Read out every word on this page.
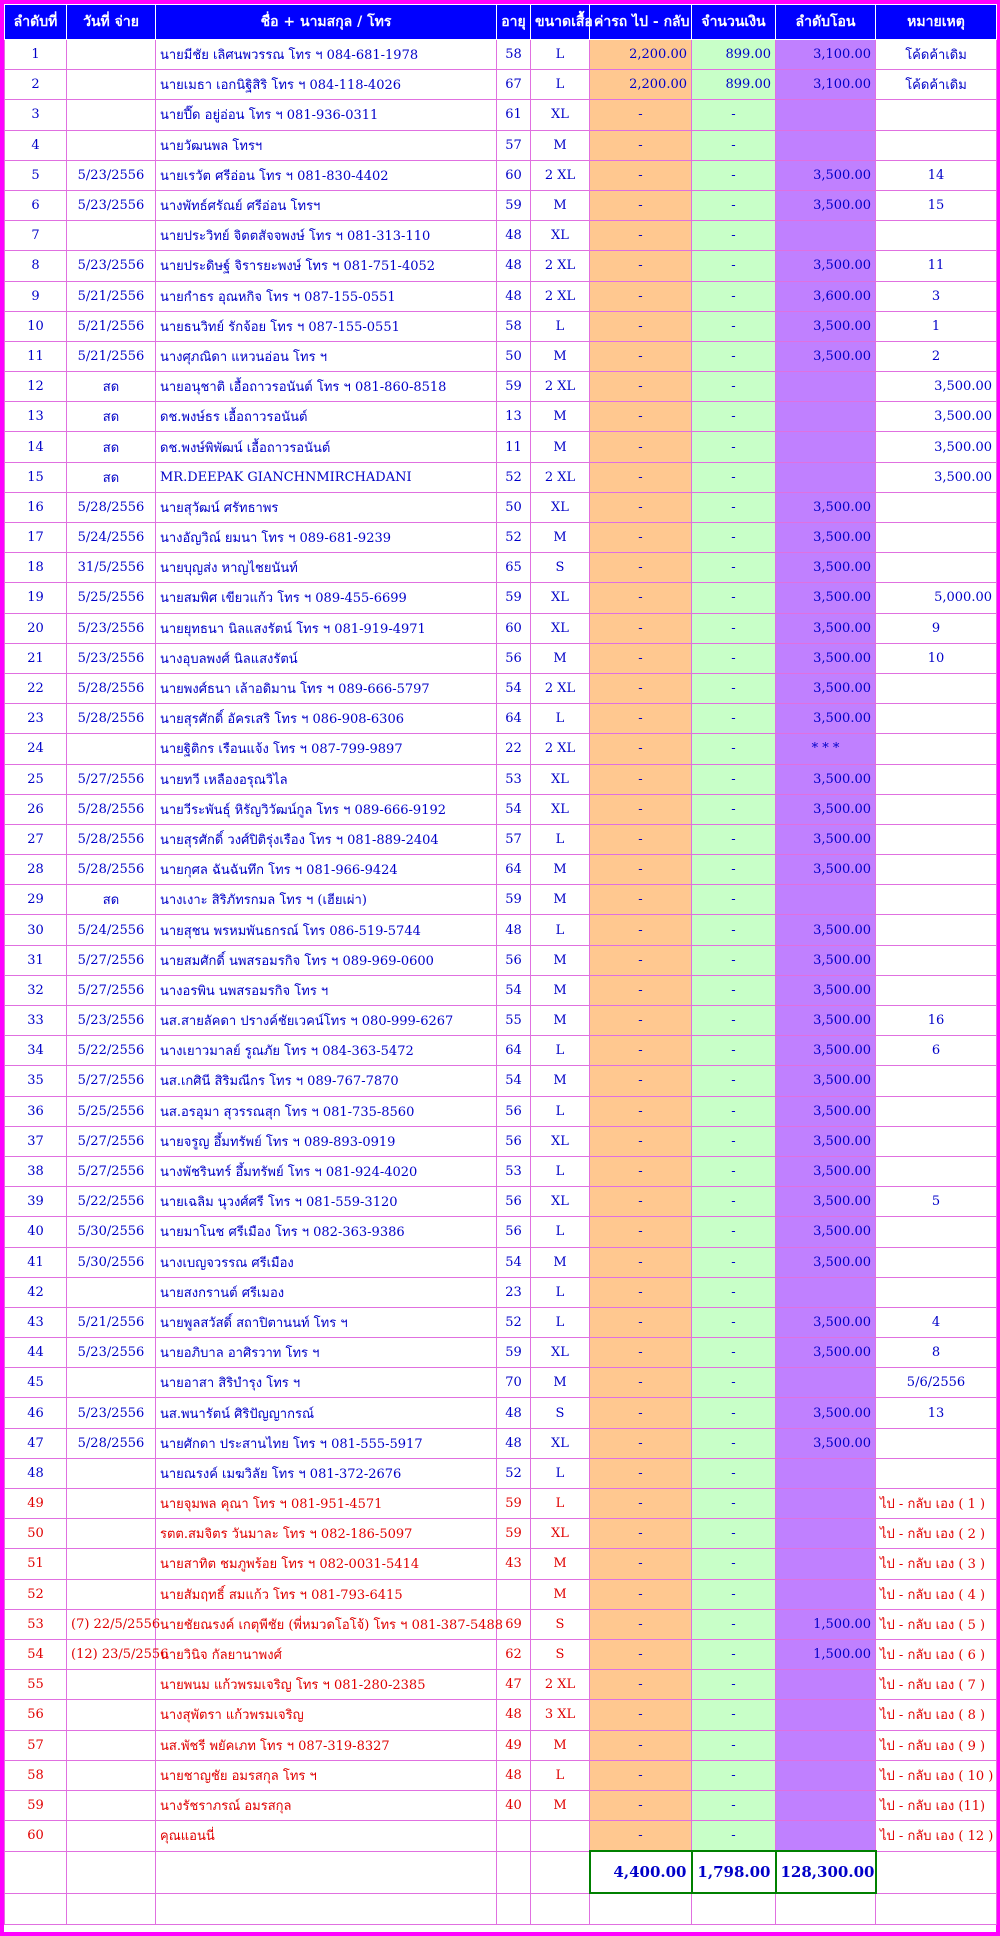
ลำดับที่	วันที่ จ่าย	ชื่อ + นามสกุล / โทร	อายุ	ขนาดเสื้อ	ค่ารถ ไป - กลับ	จำนวนเงิน	ลำดับโอน	หมายเหตุ
1		นายมีชัย เลิศนพวรรณ โทร ฯ 084-681-1978	58	L	2,200.00	899.00	3,100.00	โค้ดค้าเดิม
2		นายเมธา เอกนิฐิสิริ โทร ฯ 084-118-4026	67	L	2,200.00	899.00	3,100.00	โค้ดค้าเดิม
3		นายปี๊ด อยู่อ่อน โทร ฯ 081-936-0311	61	XL	-	-		
4		นายวัฒนพล โทรฯ	57	M	-	-		
5	5/23/2556	นายเรวัต ศรีอ่อน โทร ฯ 081-830-4402	60	2 XL	-	-	3,500.00	14
6	5/23/2556	นางพัทธ์ศรัณย์ ศรีอ่อน โทรฯ	59	M	-	-	3,500.00	15
7		นายประวิทย์ จิตตสัจจพงษ์ โทร ฯ 081-313-110	48	XL	-	-		
8	5/23/2556	นายประดิษฐ์ จิรารยะพงษ์ โทร ฯ 081-751-4052	48	2 XL	-	-	3,500.00	11
9	5/21/2556	นายกำธร อุณหกิจ โทร ฯ 087-155-0551	48	2 XL	-	-	3,600.00	3
10	5/21/2556	นายธนวิทย์ รักจ้อย โทร ฯ 087-155-0551	58	L	-	-	3,500.00	1
11	5/21/2556	นางศุภณิดา แหวนอ่อน โทร ฯ	50	M	-	-	3,500.00	2
12	สด	นายอนุชาติ เอื้อถาวรอนันต์ โทร ฯ 081-860-8518	59	2 XL	-	-		3,500.00
13	สด	ดช.พงษ์ธร เอื้อถาวรอนันต์	13	M	-	-		3,500.00
14	สด	ดช.พงษ์พิพัฒน์ เอื้อถาวรอนันต์	11	M	-	-		3,500.00
15	สด	MR.DEEPAK GIANCHNMIRCHADANI	52	2 XL	-	-		3,500.00
16	5/28/2556	นายสุวัฒน์ ศรัทธาพร	50	XL	-	-	3,500.00	
17	5/24/2556	นางอัญวิณ์ ยมนา โทร ฯ 089-681-9239	52	M	-	-	3,500.00	
18	31/5/2556	นายบุญส่ง หาญไชยนันท์	65	S	-	-	3,500.00	
19	5/25/2556	นายสมพิศ เขียวแก้ว โทร ฯ 089-455-6699	59	XL	-	-	3,500.00	5,000.00
20	5/23/2556	นายยุทธนา นิลแสงรัตน์ โทร ฯ 081-919-4971	60	XL	-	-	3,500.00	9
21	5/23/2556	นางอุบลพงศ์ นิลแสงรัตน์	56	M	-	-	3,500.00	10
22	5/28/2556	นายพงศ์ธนา เล้าอดิมาน โทร ฯ 089-666-5797	54	2 XL	-	-	3,500.00	
23	5/28/2556	นายสุรศักดิ์ อัครเสริ โทร ฯ 086-908-6306	64	L	-	-	3,500.00	
24		นายฐิติกร เรือนแจ้ง โทร ฯ 087-799-9897	22	2 XL	-	-	* * *	
25	5/27/2556	นายทวี เหลืองอรุณวิไล	53	XL	-	-	3,500.00	
26	5/28/2556	นายวีระพันธุ์ หิรัญวิวัฒน์กูล โทร ฯ 089-666-9192	54	XL	-	-	3,500.00	
27	5/28/2556	นายสุรศักดิ์ วงศ์ปิติรุ่งเรือง โทร ฯ 081-889-2404	57	L	-	-	3,500.00	
28	5/28/2556	นายกุศล ฉันฉันทึก โทร ฯ 081-966-9424	64	M	-	-	3,500.00	
29	สด	นางเงาะ สิริภัทรกมล โทร ฯ (เฮียเผ่า)	59	M	-	-		
30	5/24/2556	นายสุชน พรหมพันธกรณ์ โทร 086-519-5744	48	L	-	-	3,500.00	
31	5/27/2556	นายสมศักดิ์ นพสรอมรกิจ โทร ฯ 089-969-0600	56	M	-	-	3,500.00	
32	5/27/2556	นางอรพิน นพสรอมรกิจ โทร ฯ	54	M	-	-	3,500.00	
33	5/23/2556	นส.สายลัคดา ปรางค์ชัยเวคน์โทร ฯ 080-999-6267	55	M	-	-	3,500.00	16
34	5/22/2556	นางเยาวมาลย์ รูณภัย โทร ฯ 084-363-5472	64	L	-	-	3,500.00	6
35	5/27/2556	นส.เกศินี สิริมณีกร โทร ฯ 089-767-7870	54	M	-	-	3,500.00	
36	5/25/2556	นส.อรอุมา สุวรรณสุก โทร ฯ 081-735-8560	56	L	-	-	3,500.00	
37	5/27/2556	นายจรูญ อึ้มทรัพย์ โทร ฯ 089-893-0919	56	XL	-	-	3,500.00	
38	5/27/2556	นางพัชรินทร์ อึ้มทรัพย์ โทร ฯ 081-924-4020	53	L	-	-	3,500.00	
39	5/22/2556	นายเฉลิม นุวงศ์ศรี โทร ฯ 081-559-3120	56	XL	-	-	3,500.00	5
40	5/30/2556	นายมาโนช ศรีเมือง โทร ฯ 082-363-9386	56	L	-	-	3,500.00	
41	5/30/2556	นางเบญจวรรณ ศรีเมือง	54	M	-	-	3,500.00	
42		นายสงกรานต์ ศรีเมอง	23	L	-	-		
43	5/21/2556	นายพูลสวัสดิ์ สถาปิตานนท์ โทร ฯ	52	L	-	-	3,500.00	4
44	5/23/2556	นายอภิบาล อาศิรวาท โทร ฯ	59	XL	-	-	3,500.00	8
45		นายอาสา สิริบำรุง โทร ฯ	70	M	-	-		5/6/2556
46	5/23/2556	นส.พนารัตน์ ศิริปัญญากรณ์	48	S	-	-	3,500.00	13
47	5/28/2556	นายศักดา ประสานไทย โทร ฯ 081-555-5917	48	XL	-	-	3,500.00	
48		นายณรงค์ เมฆวิลัย โทร ฯ 081-372-2676	52	L	-	-		
49		นายจุมพล คุณา โทร ฯ 081-951-4571	59	L	-	-		ไป - กลับ เอง ( 1 )
50		รตต.สมจิตร วันมาละ โทร ฯ 082-186-5097	59	XL	-	-		ไป - กลับ เอง ( 2 )
51		นายสาทิต ชมภูพร้อย โทร ฯ 082-0031-5414	43	M	-	-		ไป - กลับ เอง ( 3 )
52		นายสัมฤทธิ์ สมแก้ว โทร ฯ 081-793-6415		M	-	-		ไป - กลับ เอง ( 4 )
53	(7) 22/5/2556	นายชัยณรงค์ เกตุพีชัย (พี่หมวดโอโจ้) โทร ฯ 081-387-5488	69	S	-	-	1,500.00	ไป - กลับ เอง ( 5 )
54	(12) 23/5/2556	นายวินิจ กัลยานาพงศ์	62	S	-	-	1,500.00	ไป - กลับ เอง ( 6 )
55		นายพนม แก้วพรมเจริญ โทร ฯ 081-280-2385	47	2 XL	-	-		ไป - กลับ เอง ( 7 )
56		นางสุพัตรา แก้วพรมเจริญ	48	3 XL	-	-		ไป - กลับ เอง ( 8 )
57		นส.พัชรี พยัคเภท โทร ฯ 087-319-8327	49	M	-	-		ไป - กลับ เอง ( 9 )
58		นายชาญชัย อมรสกุล โทร ฯ	48	L	-	-		ไป - กลับ เอง ( 10 )
59		นางรัชราภรณ์ อมรสกุล	40	M	-	-		ไป - กลับ เอง (11)
60		คุณแอนนี่			-	-		ไป - กลับ เอง ( 12 )
					4,400.00	1,798.00	128,300.00	
